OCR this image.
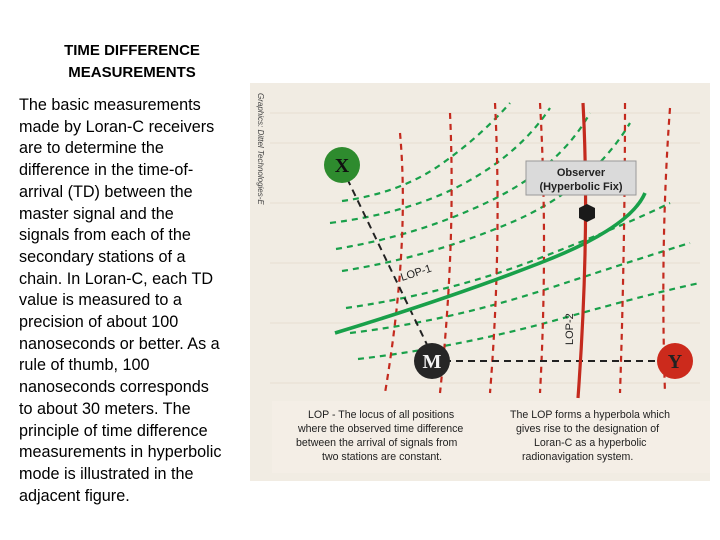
TIME DIFFERENCE
MEASUREMENTS
The basic measurements
made by Loran-C receivers
are to determine the
difference in the time-of-
arrival (TD) between the
master signal and the
signals from each of the
secondary stations of a
chain. In Loran-C, each TD
value is measured to a
precision of about 100
nanoseconds or better. As a
rule of thumb, 100
nanoseconds corresponds
to about 30 meters. The
principle of time difference
measurements in hyperbolic
mode is illustrated in the
adjacent figure.
X
M	Y
Observer
(Hyperbolic Fix)
LOP-1
LOP-2
Graphics: Dittel Technologies-E
LOP - The locus of all positions
where the observed time difference
between the arrival of signals from
two stations are constant.
The LOP forms a hyperbola which
gives rise to the designation of
Loran-C as a hyperbolic
radionavigation system.
